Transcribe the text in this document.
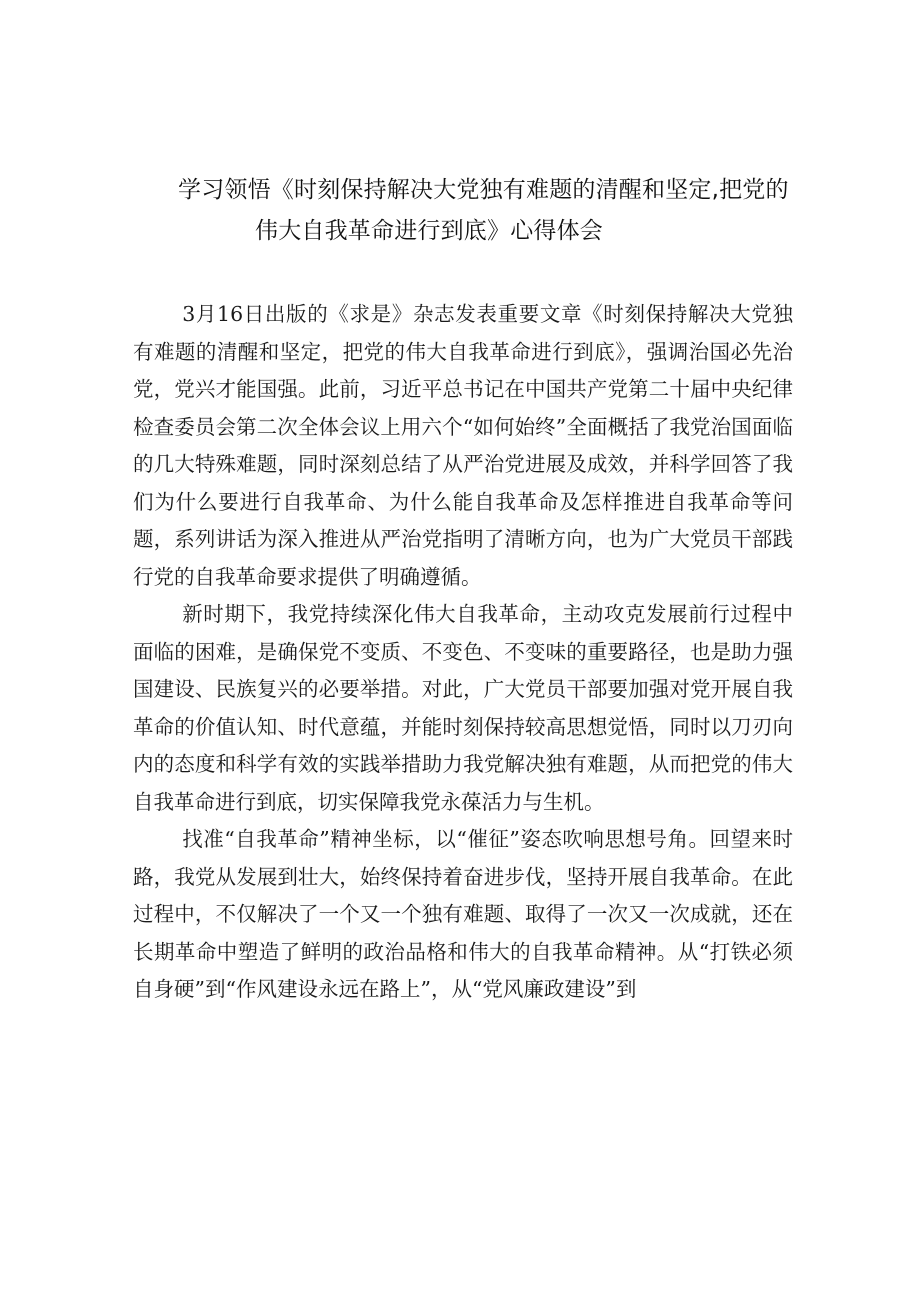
学习领悟《时刻保持解决大党独有难题的清醒和坚定,把党的
伟大自我革命进行到底》心得体会

3月16日出版的《求是》杂志发表重要文章《时刻保持解决大党独有难题的清醒和坚定，把党的伟大自我革命进行到底》，强调治国必先治党，党兴才能国强。此前，习近平总书记在中国共产党第二十届中央纪律检查委员会第二次全体会议上用六个“如何始终”全面概括了我党治国面临的几大特殊难题，同时深刻总结了从严治党进展及成效，并科学回答了我们为什么要进行自我革命、为什么能自我革命及怎样推进自我革命等问题，系列讲话为深入推进从严治党指明了清晰方向，也为广大党员干部践行党的自我革命要求提供了明确遵循。

新时期下，我党持续深化伟大自我革命，主动攻克发展前行过程中面临的困难，是确保党不变质、不变色、不变味的重要路径，也是助力强国建设、民族复兴的必要举措。对此，广大党员干部要加强对党开展自我革命的价值认知、时代意蕴，并能时刻保持较高思想觉悟，同时以刀刃向内的态度和科学有效的实践举措助力我党解决独有难题，从而把党的伟大自我革命进行到底，切实保障我党永葆活力与生机。

找准“自我革命”精神坐标，以“催征”姿态吹响思想号角。回望来时路，我党从发展到壮大，始终保持着奋进步伐，坚持开展自我革命。在此过程中，不仅解决了一个又一个独有难题、取得了一次又一次成就，还在长期革命中塑造了鲜明的政治品格和伟大的自我革命精神。从“打铁必须自身硬”到“作风建设永远在路上”，从“党风廉政建设”到
